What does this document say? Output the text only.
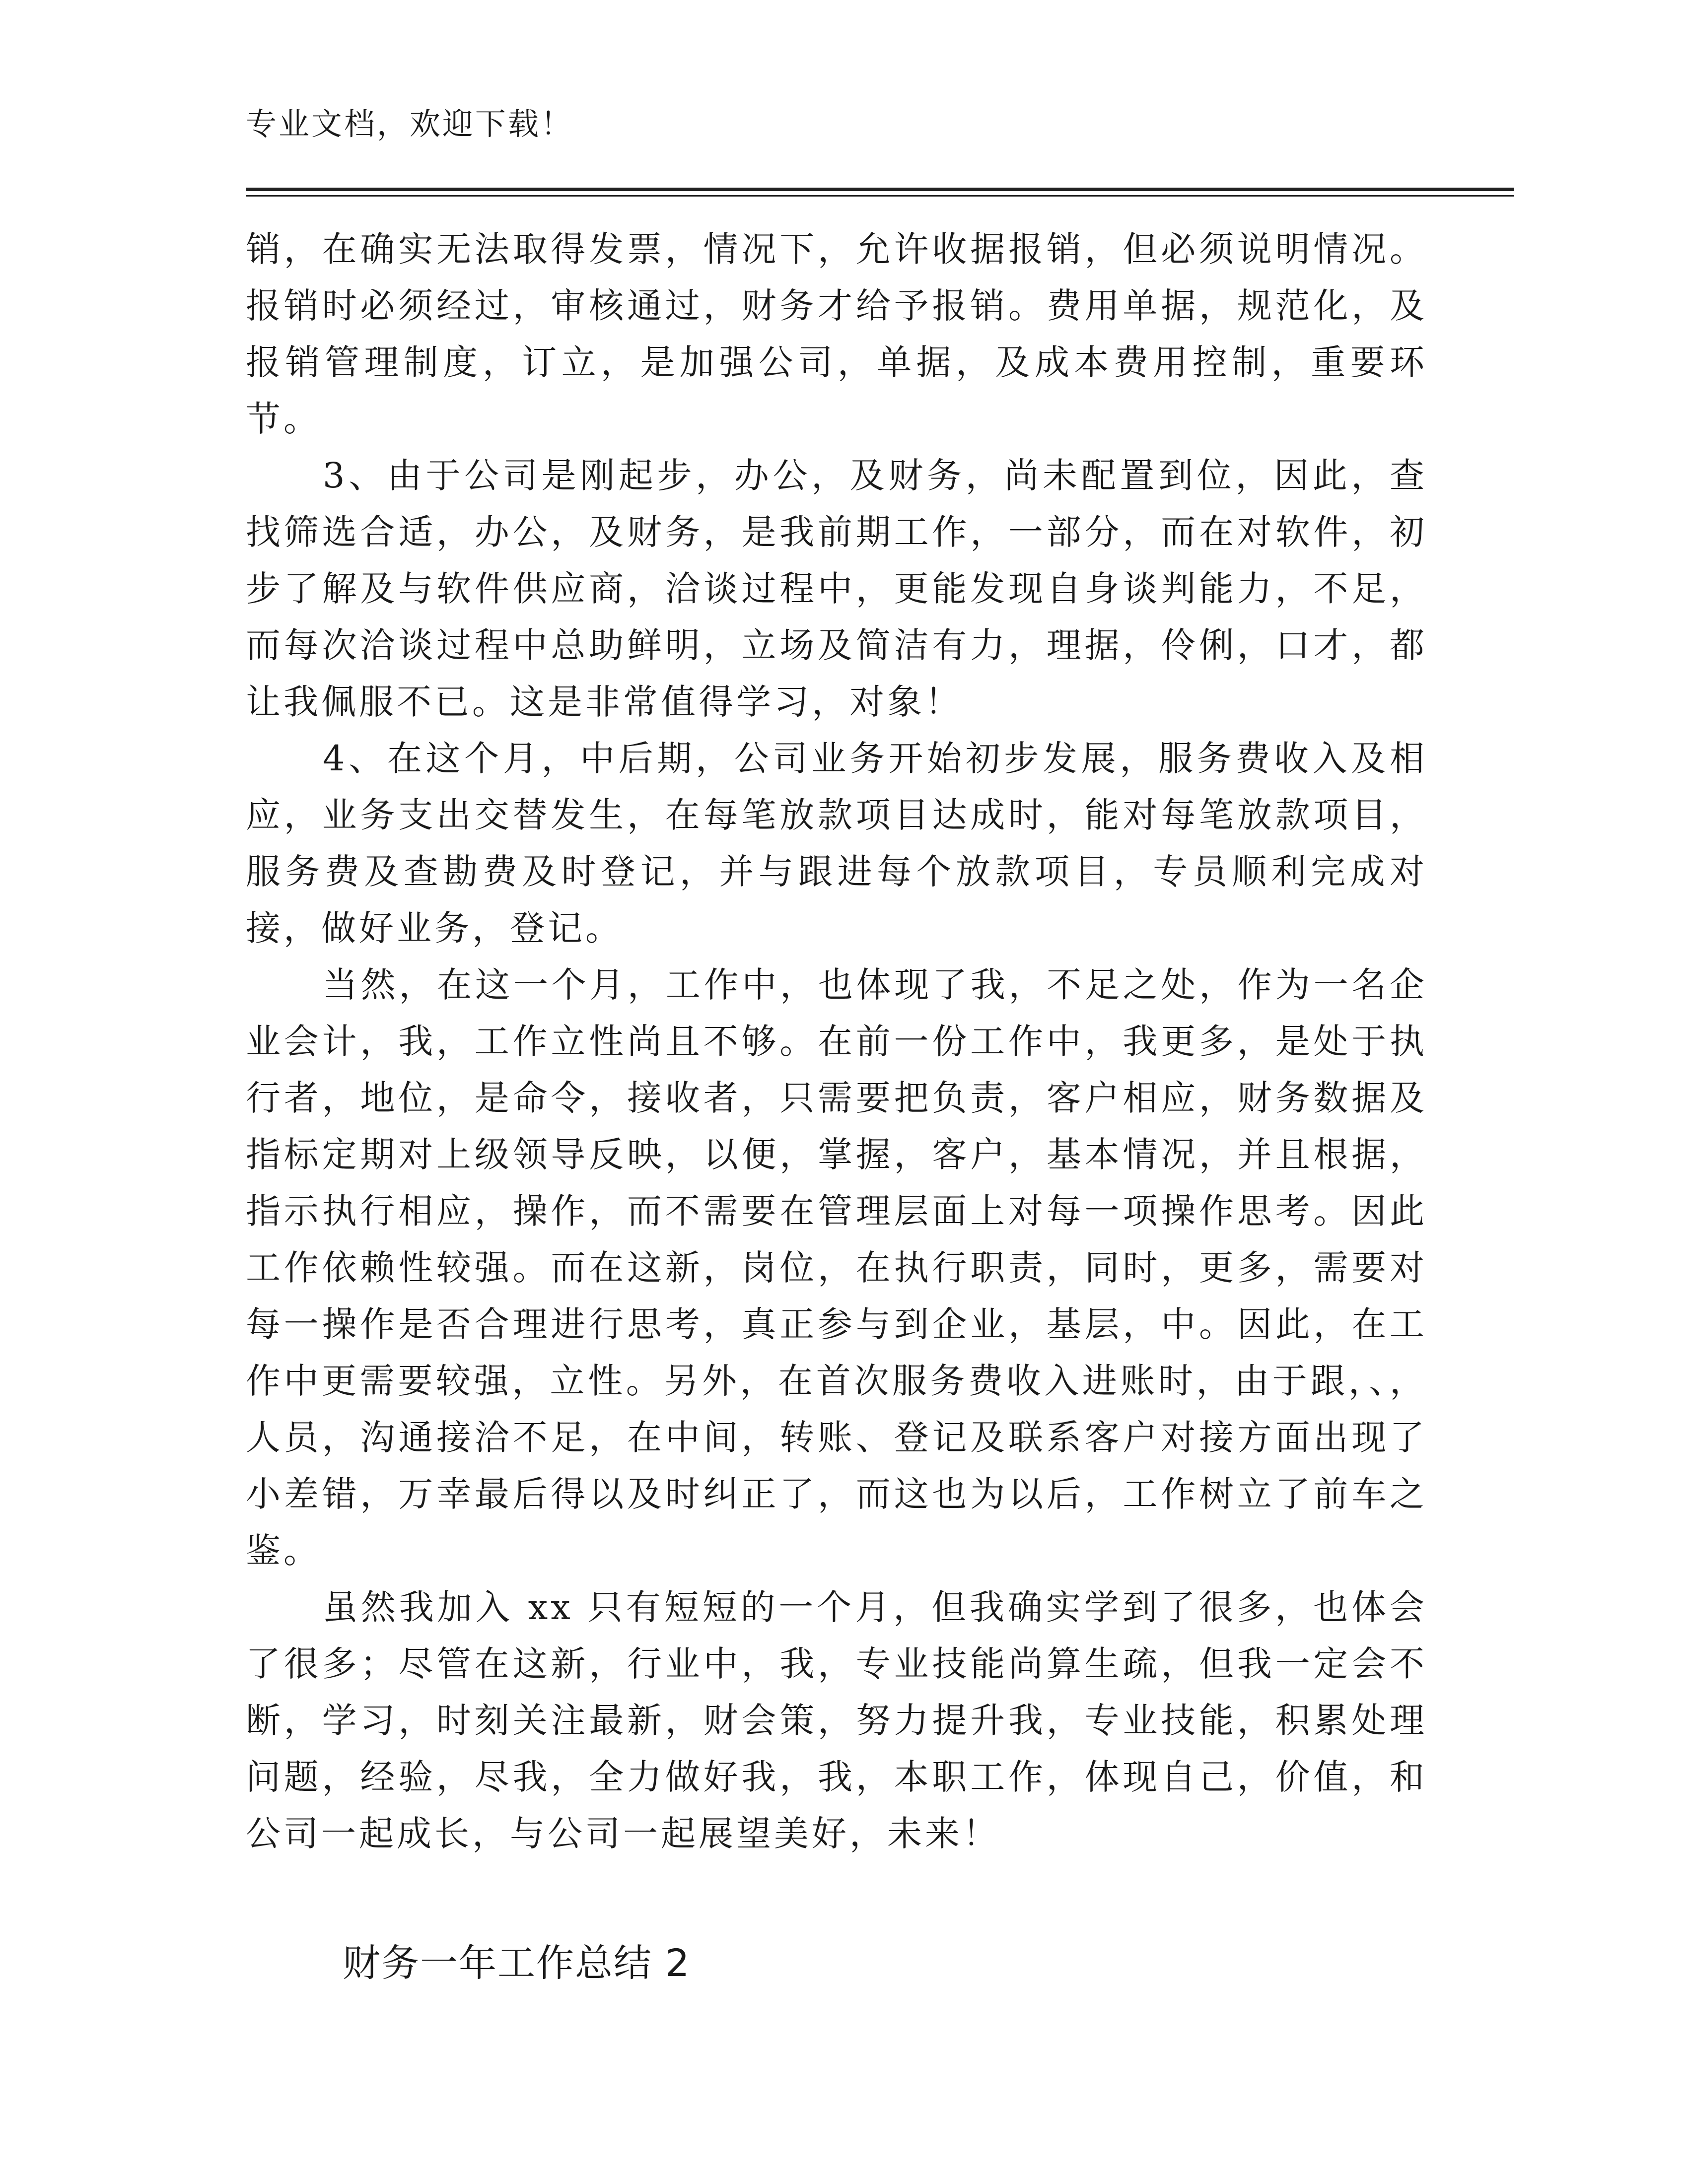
专业文档，欢迎下载！

销，在确实无法取得发票，情况下，允许收据报销，但必须说明情况。报销时必须经过，审核通过，财务才给予报销。费用单据，规范化，及报销管理制度，订立，是加强公司，单据，及成本费用控制，重要环节。

3、由于公司是刚起步，办公，及财务，尚未配置到位，因此，查找筛选合适，办公，及财务，是我前期工作，一部分，而在对软件，初步了解及与软件供应商，洽谈过程中，更能发现自身谈判能力，不足，而每次洽谈过程中总助鲜明，立场及简洁有力，理据，伶俐，口才，都让我佩服不已。这是非常值得学习，对象！

4、在这个月，中后期，公司业务开始初步发展，服务费收入及相应，业务支出交替发生，在每笔放款项目达成时，能对每笔放款项目，服务费及查勘费及时登记，并与跟进每个放款项目，专员顺利完成对接，做好业务，登记。

当然，在这一个月，工作中，也体现了我，不足之处，作为一名企业会计，我，工作立性尚且不够。在前一份工作中，我更多，是处于执行者，地位，是命令，接收者，只需要把负责，客户相应，财务数据及指标定期对上级领导反映，以便，掌握，客户，基本情况，并且根据，指示执行相应，操作，而不需要在管理层面上对每一项操作思考。因此工作依赖性较强。而在这新，岗位，在执行职责，同时，更多，需要对每一操作是否合理进行思考，真正参与到企业，基层，中。因此，在工作中更需要较强，立性。另外，在首次服务费收入进账时，由于跟，、，人员，沟通接洽不足，在中间，转账、登记及联系客户对接方面出现了小差错，万幸最后得以及时纠正了，而这也为以后，工作树立了前车之鉴。

虽然我加入 xx 只有短短的一个月，但我确实学到了很多，也体会了很多；尽管在这新，行业中，我，专业技能尚算生疏，但我一定会不断，学习，时刻关注最新，财会策，努力提升我，专业技能，积累处理问题，经验，尽我，全力做好我，我，本职工作，体现自己，价值，和公司一起成长，与公司一起展望美好，未来！

财务一年工作总结 2
